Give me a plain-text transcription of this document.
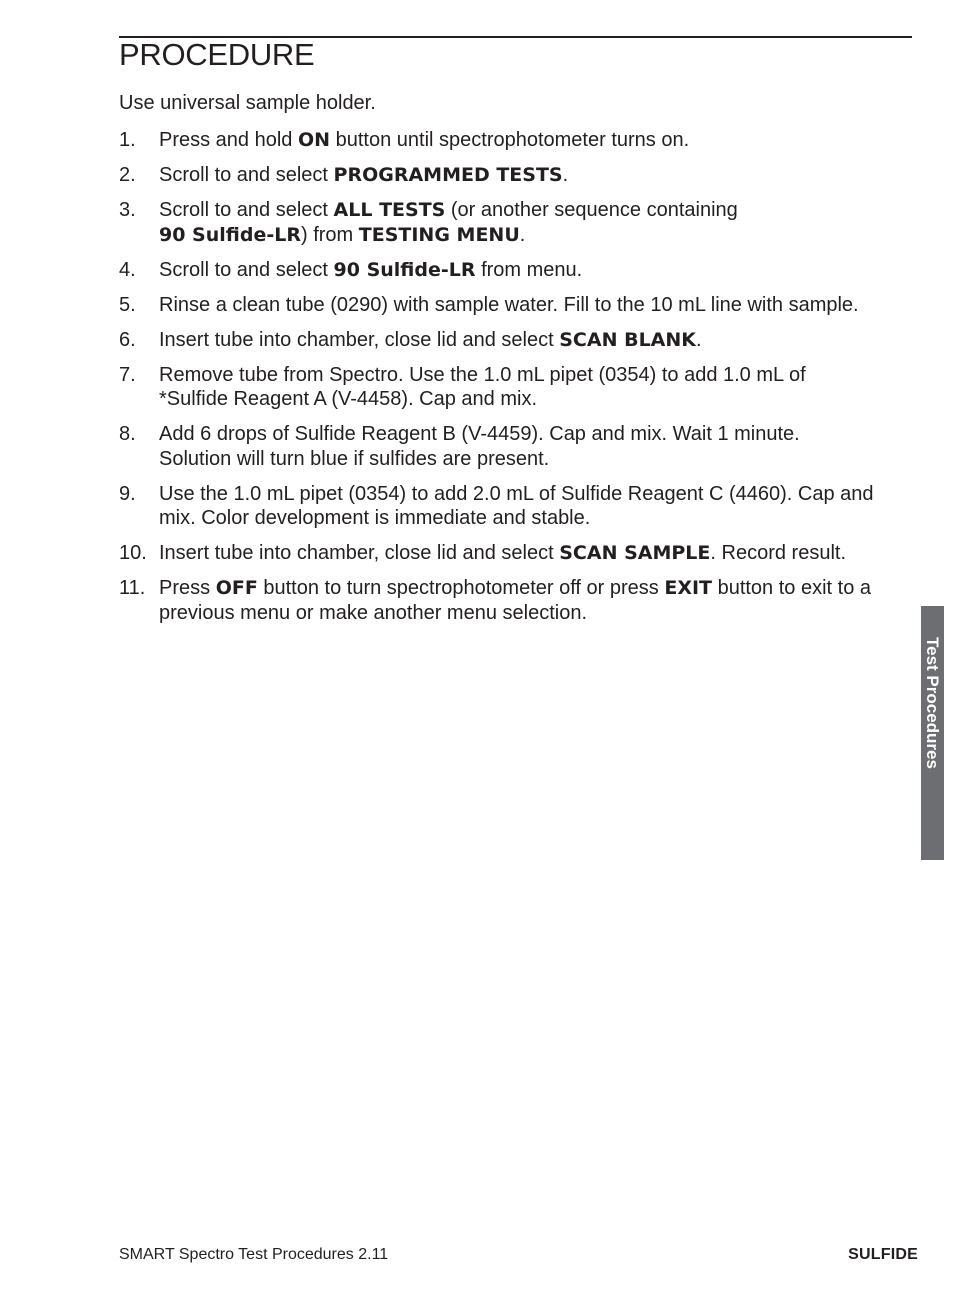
PROCEDURE

Use universal sample holder.

1. Press and hold ON button until spectrophotometer turns on.
2. Scroll to and select PROGRAMMED TESTS.
3. Scroll to and select ALL TESTS (or another sequence containing
90 Sulfide-LR) from TESTING MENU.
4. Scroll to and select 90 Sulfide-LR from menu.
5. Rinse a clean tube (0290) with sample water. Fill to the 10 mL line with sample.
6. Insert tube into chamber, close lid and select SCAN BLANK.
7. Remove tube from Spectro. Use the 1.0 mL pipet (0354) to add 1.0 mL of
*Sulfide Reagent A (V-4458). Cap and mix.
8. Add 6 drops of Sulfide Reagent B (V-4459). Cap and mix. Wait 1 minute.
Solution will turn blue if sulfides are present.
9. Use the 1.0 mL pipet (0354) to add 2.0 mL of Sulfide Reagent C (4460). Cap and mix. Color development is immediate and stable.
10. Insert tube into chamber, close lid and select SCAN SAMPLE. Record result.
11. Press OFF button to turn spectrophotometer off or press EXIT button to exit to a previous menu or make another menu selection.
Test Procedures
SMART Spectro Test Procedures 2.11	SULFIDE
